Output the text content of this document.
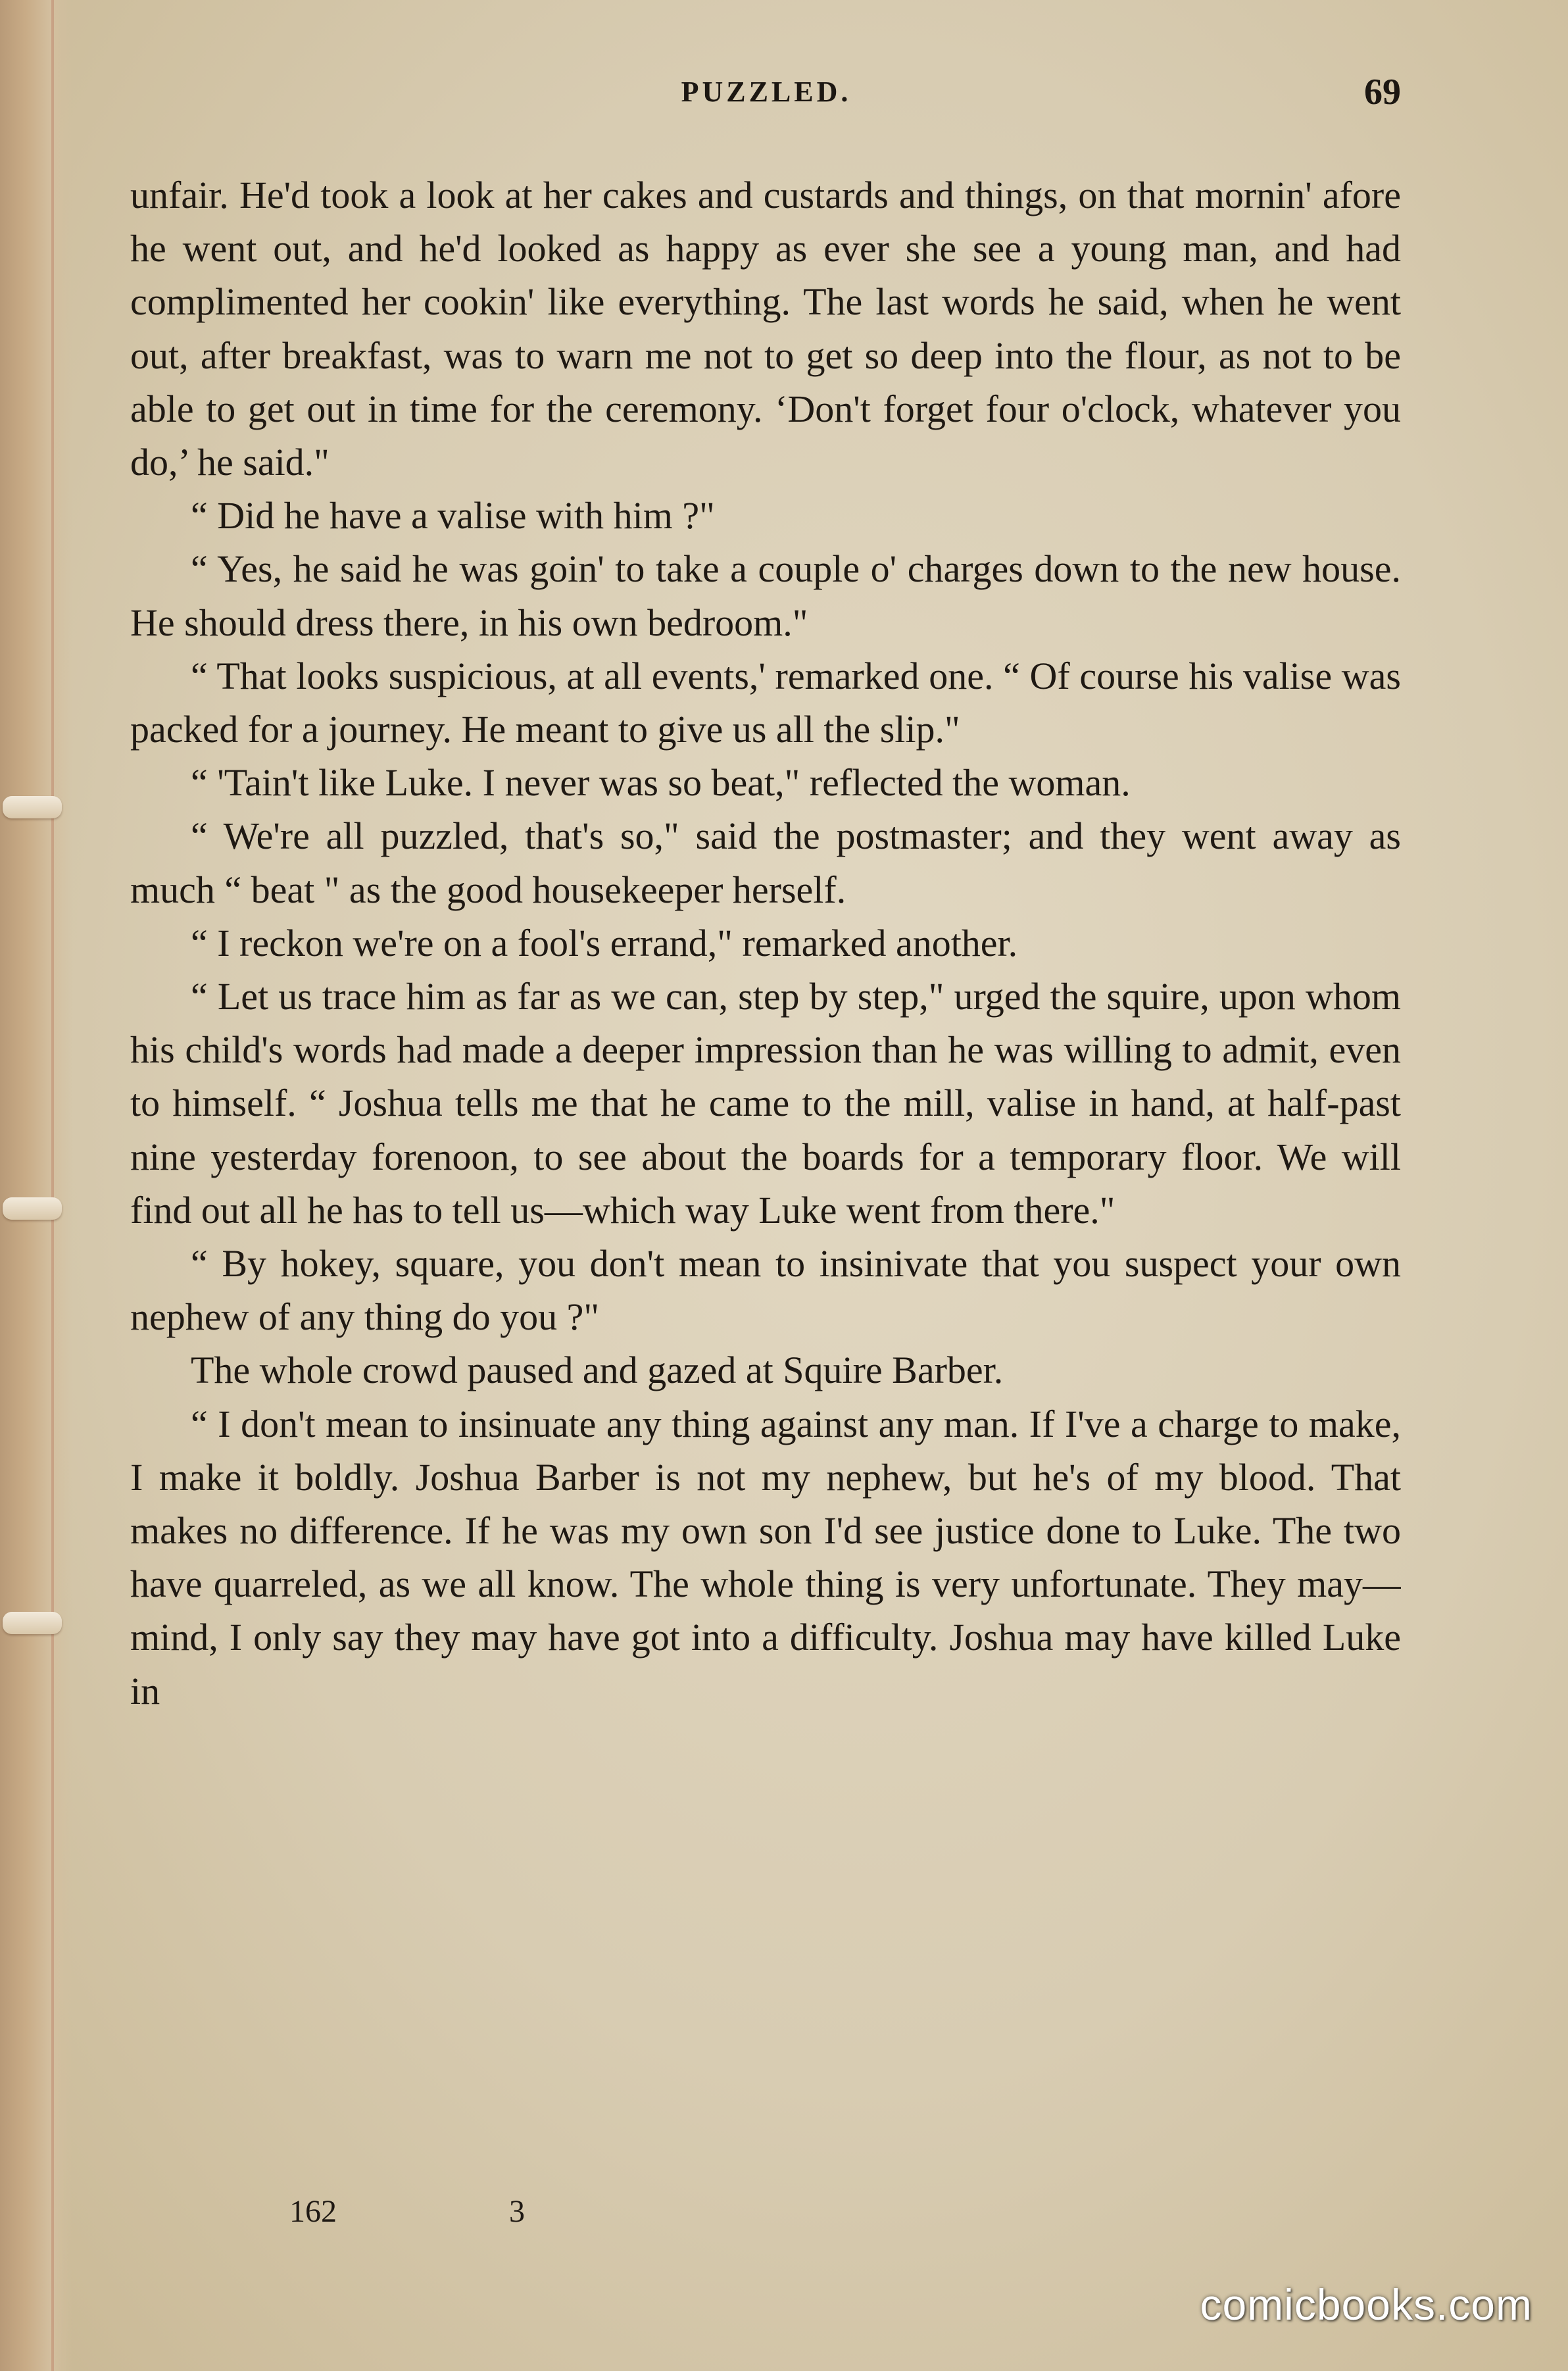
PUZZLED.	69

unfair. He'd took a look at her cakes and custards and things, on that mornin' afore he went out, and he'd looked as happy as ever she see a young man, and had complimented her cookin' like everything. The last words he said, when he went out, after breakfast, was to warn me not to get so deep into the flour, as not to be able to get out in time for the ceremony. ‘Don't forget four o'clock, whatever you do,’ he said."

“ Did he have a valise with him ?"

“ Yes, he said he was goin' to take a couple o' charges down to the new house. He should dress there, in his own bedroom."

“ That looks suspicious, at all events,' remarked one. “ Of course his valise was packed for a journey. He meant to give us all the slip."

“ 'Tain't like Luke. I never was so beat," reflected the woman.

“ We're all puzzled, that's so," said the postmaster; and they went away as much “ beat " as the good housekeeper herself.

“ I reckon we're on a fool's errand," remarked another.

“ Let us trace him as far as we can, step by step," urged the squire, upon whom his child's words had made a deeper impression than he was willing to admit, even to himself. “ Joshua tells me that he came to the mill, valise in hand, at half-past nine yesterday forenoon, to see about the boards for a temporary floor. We will find out all he has to tell us—which way Luke went from there."

“ By hokey, square, you don't mean to insinivate that you suspect your own nephew of any thing do you ?"

The whole crowd paused and gazed at Squire Barber.

“ I don't mean to insinuate any thing against any man. If I've a charge to make, I make it boldly. Joshua Barber is not my nephew, but he's of my blood. That makes no difference. If he was my own son I'd see justice done to Luke. The two have quarreled, as we all know. The whole thing is very unfortunate. They may—mind, I only say they may have got into a difficulty. Joshua may have killed Luke in

162	3
comicbooks.com
